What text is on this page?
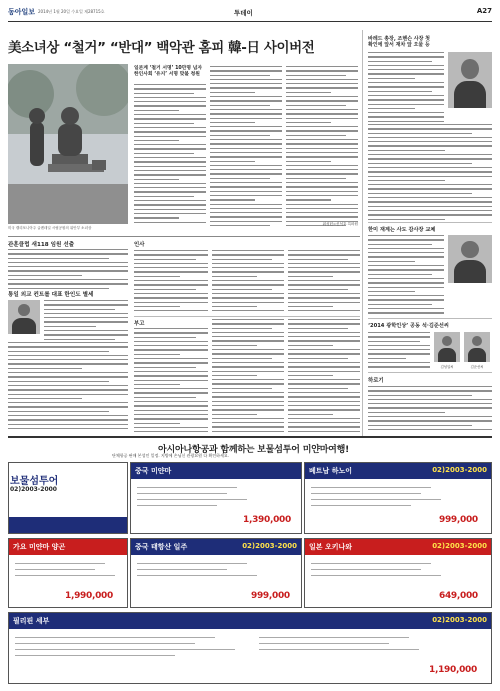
동아일보 2014년 1월 20일 수요일 제28715호	투데이	A27
美소녀상 “철거” “반대” 백악관 홈피 韓-日 사이버전
미국 캘리포니아주 글렌데일 시립공원의 위안부 소녀상
일본계 ‘철거 서명’ 10만명 넘자
한인사회 ‘유지’ 서명 맞불 청원
워싱턴=신석호 특파원
관훈클럽 새118 임원 선출
통일 외교 컨트롤 대표 한인도 별세
인사
부고
바레드 총장, 조헨슨 사장 첫
확인에 앞서 재차 앞 오물 등
한미 재계는 사도 감사장 교체
‘2014 광학인상’ 공동 석·김준선씨
김성일씨	김준선씨
하로기
아시아나항공과 함께하는 보물섬투어 미얀마여행!
단체항공 판매 본성인 일정. 지방에 손님신 관광요원 다 확인하세요.
보물섬투어
02)2003-2000
중국 미얀마
1,390,000
베트남 하노이	02)2003-2000
999,000
가요 미얀마 양곤
1,990,000
중국 태항산 일주	02)2003-2000
999,000
일본 오키나와	02)2003-2000
649,000
필리핀 세부	02)2003-2000
1,190,000
